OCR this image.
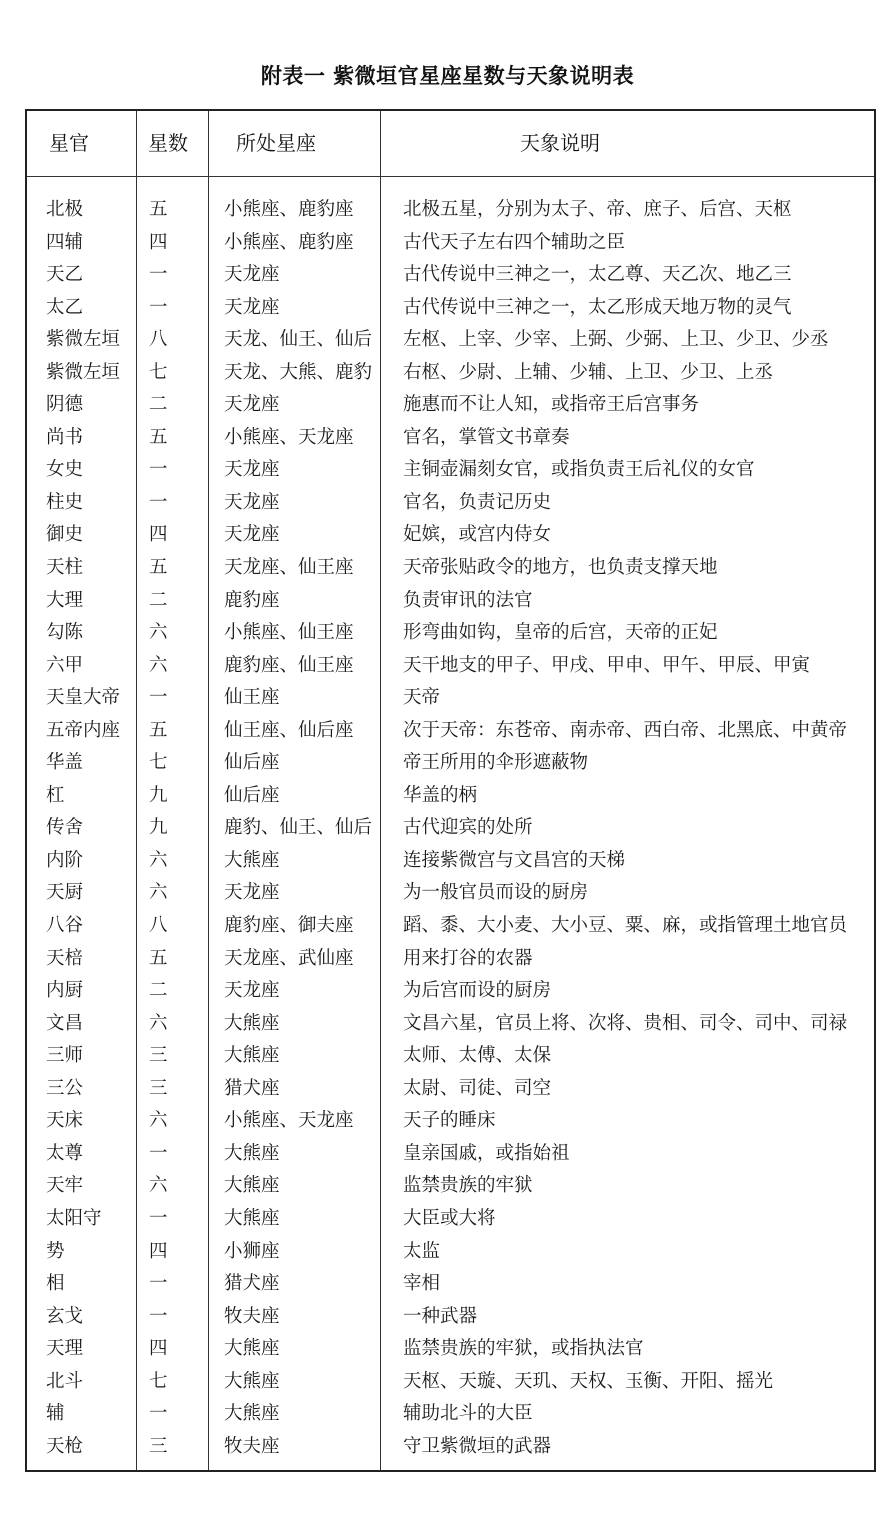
附表一 紫微垣官星座星数与天象说明表
星官	星数 所处星座	天象说明
北极	五	小熊座、鹿豹座	北极五星，分别为太子、帝、庶子、后宫、天枢
四辅	四	小熊座、鹿豹座	古代天子左右四个辅助之臣
天乙	一	天龙座	古代传说中三神之一，太乙尊、天乙次、地乙三
太乙	一	天龙座	古代传说中三神之一，太乙形成天地万物的灵气
紫微左垣 八	天龙、仙王、仙后 左枢、上宰、少宰、上弼、少弼、上卫、少卫、少丞
紫微左垣 七	天龙、大熊、鹿豹 右枢、少尉、上辅、少辅、上卫、少卫、上丞
阴德	二	天龙座	施惠而不让人知，或指帝王后宫事务
尚书	五	小熊座、天龙座	官名，掌管文书章奏
女史	一	天龙座	主铜壶漏刻女官，或指负责王后礼仪的女官
柱史	一	天龙座	官名，负责记历史
御史	四	天龙座	妃嫔，或宫内侍女
天柱	五	天龙座、仙王座	天帝张贴政令的地方，也负责支撑天地
大理	二	鹿豹座	负责审讯的法官
勾陈	六	小熊座、仙王座	形弯曲如钩，皇帝的后宫，天帝的正妃
六甲	六	鹿豹座、仙王座	天干地支的甲子、甲戌、甲申、甲午、甲辰、甲寅
天皇大帝 一	仙王座	天帝
五帝内座 五	仙王座、仙后座	次于天帝：东苍帝、南赤帝、西白帝、北黑底、中黄帝
华盖	七	仙后座	帝王所用的伞形遮蔽物
杠	九	仙后座	华盖的柄
传舍	九	鹿豹、仙王、仙后 古代迎宾的处所
内阶	六	大熊座	连接紫微宫与文昌宫的天梯
天厨	六	天龙座	为一般官员而设的厨房
八谷	八	鹿豹座、御夫座	蹈、黍、大小麦、大小豆、粟、麻，或指管理土地官员
天棓	五	天龙座、武仙座	用来打谷的农器
内厨	二	天龙座	为后宫而设的厨房
文昌	六	大熊座	文昌六星，官员上将、次将、贵相、司令、司中、司禄
三师	三	大熊座	太师、太傅、太保
三公	三	猎犬座	太尉、司徒、司空
天床	六	小熊座、天龙座	天子的睡床
太尊	一	大熊座	皇亲国戚，或指始祖
天牢	六	大熊座	监禁贵族的牢狱
太阳守	一	大熊座	大臣或大将
势	四	小狮座	太监
相	一	猎犬座	宰相
玄戈	一	牧夫座	一种武器
天理	四	大熊座	监禁贵族的牢狱，或指执法官
北斗	七	大熊座	天枢、天璇、天玑、天权、玉衡、开阳、摇光
辅	一	大熊座	辅助北斗的大臣
天枪	三	牧夫座	守卫紫微垣的武器
